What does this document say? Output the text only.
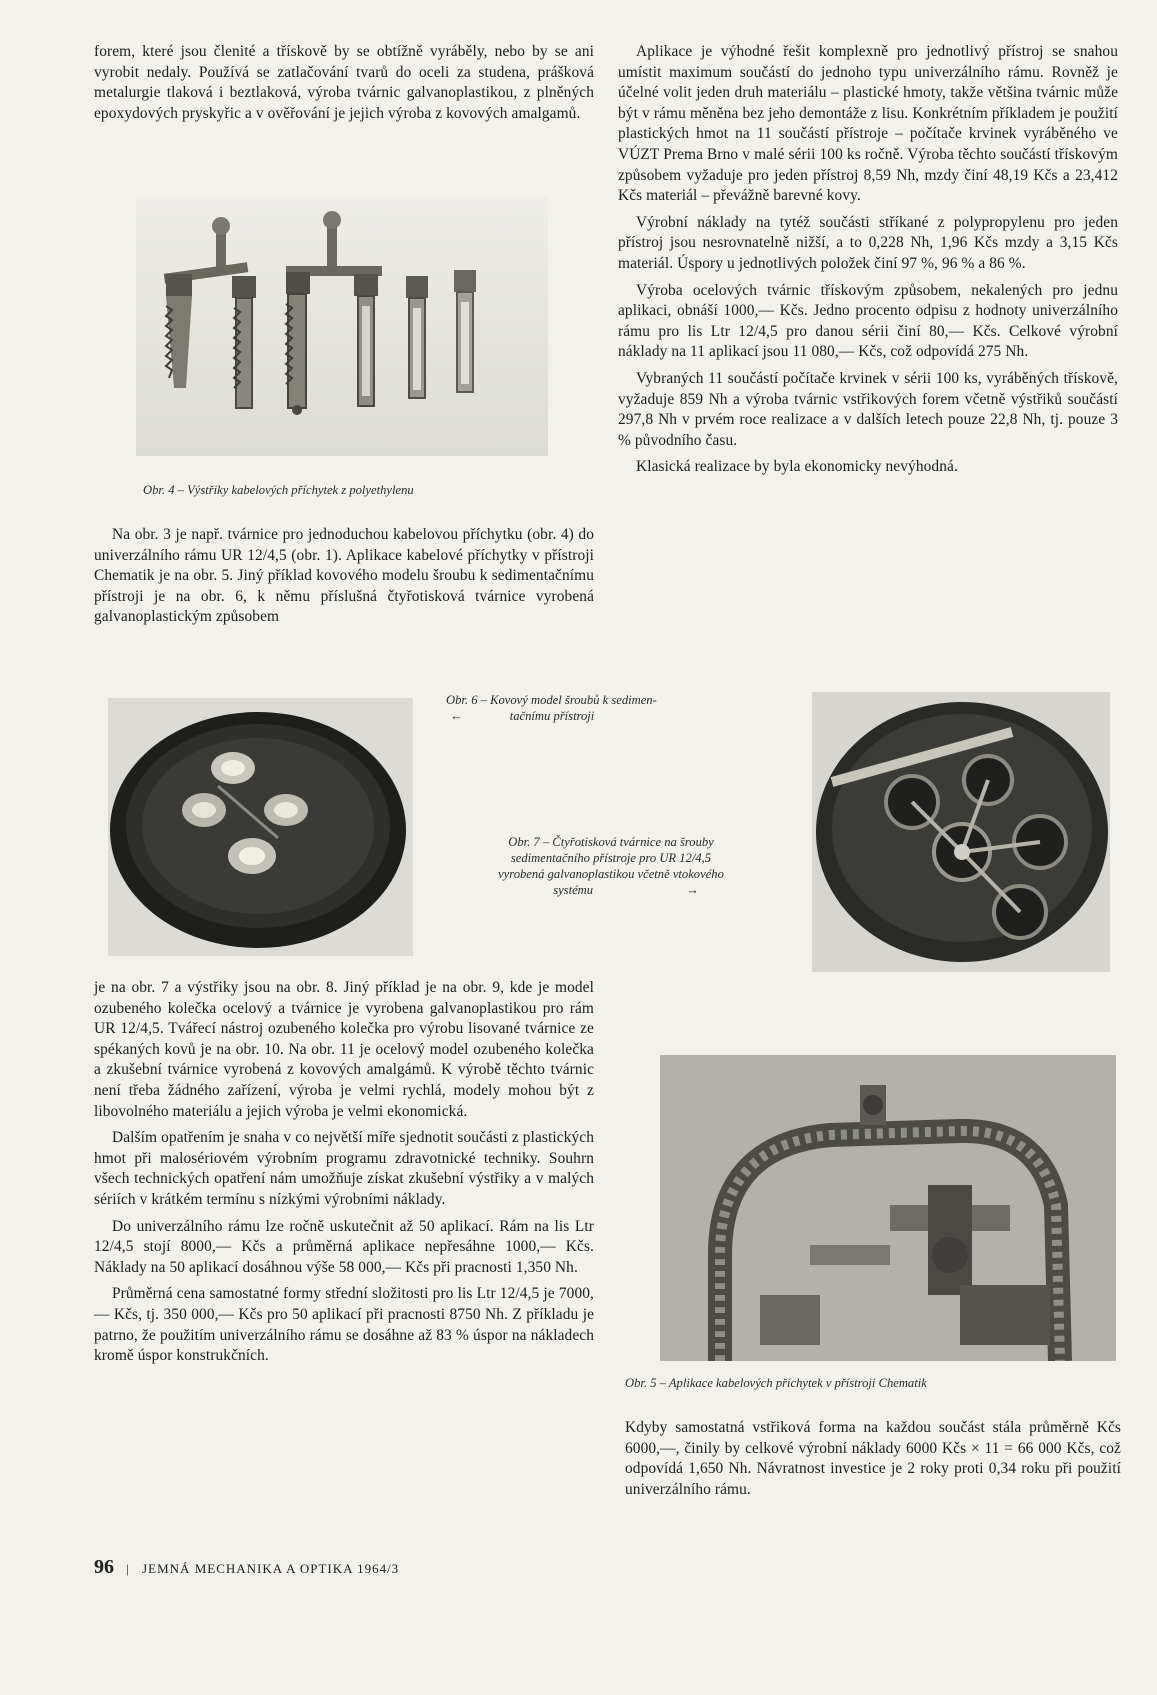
forem, které jsou členité a třískově by se obtížně vyráběly, nebo by se ani vyrobit nedaly. Používá se zatlačování tvarů do oceli za studena, prášková metalurgie tlaková i beztlaková, výroba tvárnic galvanoplastikou, z plněných epoxydových pryskyřic a v ověřování je jejich výroba z kovových amalgamů.

Obr. 4 – Výstřiky kabelových příchytek z polyethylenu

Na obr. 3 je např. tvárnice pro jednoduchou kabelovou příchytku (obr. 4) do univerzálního rámu UR 12/4,5 (obr. 1). Aplikace kabelové příchytky v přístroji Chematik je na obr. 5. Jiný příklad kovového modelu šroubu k sedimentačnímu přístroji je na obr. 6, k němu příslušná čtyřotisková tvárnice vyrobená galvanoplastickým způsobem

Obr. 6 – Kovový model šroubů k sedimen-
←	tačnímu přístroji
Obr. 7 – Čtyřotisková tvárnice na šrouby
sedimentačního přístroje pro UR 12/4,5
vyrobená galvanoplastikou včetně vtokového
systému	→

Aplikace je výhodné řešit komplexně pro jednotlivý přístroj se snahou umístit maximum součástí do jednoho typu univerzálního rámu. Rovněž je účelné volit jeden druh materiálu – plastické hmoty, takže většina tvárnic může být v rámu měněna bez jeho demontáže z lisu. Konkrétním příkladem je použití plastických hmot na 11 součástí přístroje – počítače krvinek vyráběného ve VÚZT Prema Brno v malé sérii 100 ks ročně. Výroba těchto součástí třískovým způsobem vyžaduje pro jeden přístroj 8,59 Nh, mzdy činí 48,19 Kčs a 23,412 Kčs materiál – převážně barevné kovy.

Výrobní náklady na tytéž součásti stříkané z polypropylenu pro jeden přístroj jsou nesrovnatelně nižší, a to 0,228 Nh, 1,96 Kčs mzdy a 3,15 Kčs materiál. Úspory u jednotlivých položek činí 97 %, 96 % a 86 %.

Výroba ocelových tvárnic třískovým způsobem, nekalených pro jednu aplikaci, obnáší 1000,— Kčs. Jedno procento odpisu z hodnoty univerzálního rámu pro lis Ltr 12/4,5 pro danou sérii činí 80,— Kčs. Celkové výrobní náklady na 11 aplikací jsou 11 080,— Kčs, což odpovídá 275 Nh.

Vybraných 11 součástí počítače krvinek v sérii 100 ks, vyráběných třískově, vyžaduje 859 Nh a výroba tvárnic vstřikových forem včetně výstřiků součástí 297,8 Nh v prvém roce realizace a v dalších letech pouze 22,8 Nh, tj. pouze 3 % původního času.

Klasická realizace by byla ekonomicky nevýhodná.

je na obr. 7 a výstřiky jsou na obr. 8. Jiný příklad je na obr. 9, kde je model ozubeného kolečka ocelový a tvárnice je vyrobena galvanoplastikou pro rám UR 12/4,5. Tvářecí nástroj ozubeného kolečka pro výrobu lisované tvárnice ze spékaných kovů je na obr. 10. Na obr. 11 je ocelový model ozubeného kolečka a zkušební tvárnice vyrobená z kovových amalgámů. K výrobě těchto tvárnic není třeba žádného zařízení, výroba je velmi rychlá, modely mohou být z libovolného materiálu a jejich výroba je velmi ekonomická.

Dalším opatřením je snaha v co největší míře sjednotit součásti z plastických hmot při malosériovém výrobním programu zdravotnické techniky. Souhrn všech technických opatření nám umožňuje získat zkušební výstřiky a v malých sériích v krátkém termínu s nízkými výrobními náklady.

Do univerzálního rámu lze ročně uskutečnit až 50 aplikací. Rám na lis Ltr 12/4,5 stojí 8000,— Kčs a průměrná aplikace nepřesáhne 1000,— Kčs. Náklady na 50 aplikací dosáhnou výše 58 000,— Kčs při pracnosti 1,350 Nh.

Průměrná cena samostatné formy střední složitosti pro lis Ltr 12/4,5 je 7000,— Kčs, tj. 350 000,— Kčs pro 50 aplikací při pracnosti 8750 Nh. Z příkladu je patrno, že použitím univerzálního rámu se dosáhne až 83 % úspor na nákladech kromě úspor konstrukčních.

Obr. 5 – Aplikace kabelových příchytek v přístroji Chematik

Kdyby samostatná vstřiková forma na každou součást stála průměrně Kčs 6000,—, činily by celkové výrobní náklady 6000 Kčs × 11 = 66 000 Kčs, což odpovídá 1,650 Nh. Návratnost investice je 2 roky proti 0,34 roku při použití univerzálního rámu.

96 | JEMNÁ MECHANIKA A OPTIKA 1964/3
